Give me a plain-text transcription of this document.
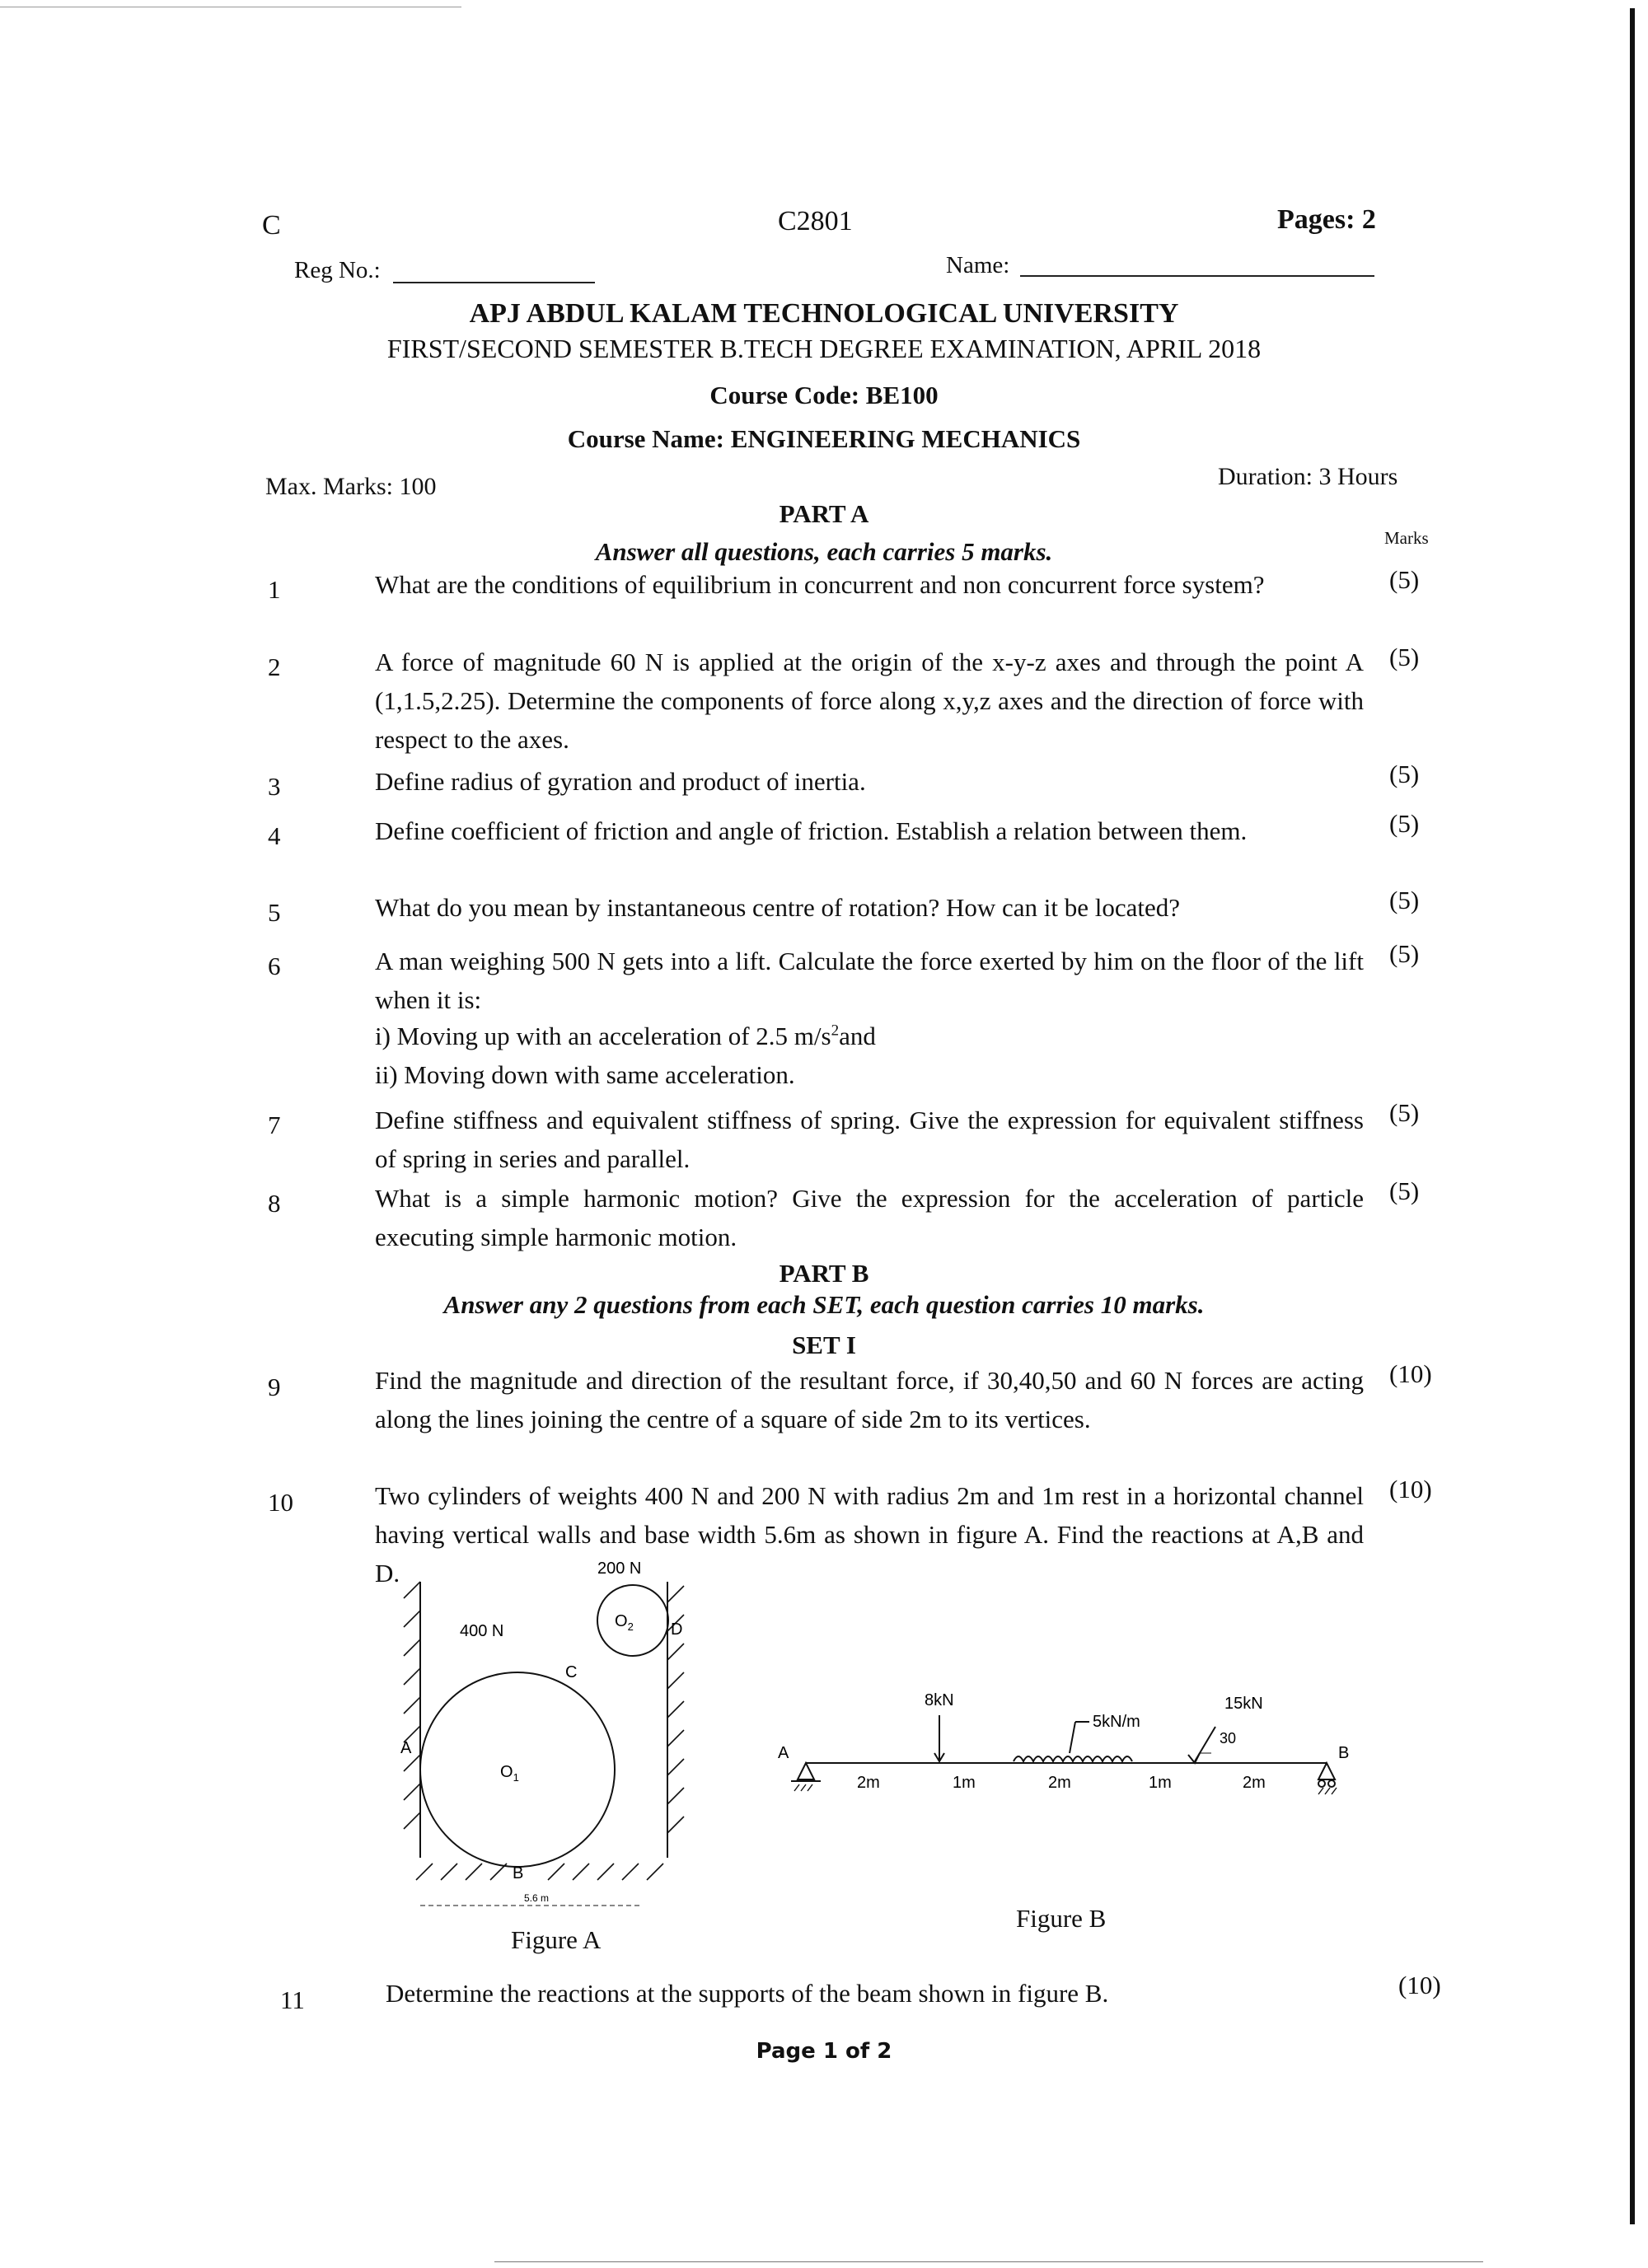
C	C2801	Pages: 2
Reg No.:	Name:
APJ ABDUL KALAM TECHNOLOGICAL UNIVERSITY
FIRST/SECOND SEMESTER B.TECH DEGREE EXAMINATION, APRIL 2018
Course Code: BE100
Course Name: ENGINEERING MECHANICS
Max. Marks: 100	Duration: 3 Hours
PART A
Answer all questions, each carries 5 marks.	Marks
1	What are the conditions of equilibrium in concurrent and non concurrent force system?	(5)
2	A force of magnitude 60 N is applied at the origin of the x-y-z axes and through the point A (1,1.5,2.25). Determine the components of force along x,y,z axes and the direction of force with respect to the axes.
(5)
3	Define radius of gyration and product of inertia.	(5)
4	Define coefficient of friction and angle of friction. Establish a relation between them.	(5)
5	What do you mean by instantaneous centre of rotation? How can it be located?	(5)
6	A man weighing 500 N gets into a lift. Calculate the force exerted by him on the floor of the lift when it is:
i) Moving up with an acceleration of 2.5 $m/s^2and$
ii) Moving down with same acceleration.
(5)
7	Define stiffness and equivalent stiffness of spring. Give the expression for equivalent stiffness of spring in series and parallel.
(5)
8	What is a simple harmonic motion? Give the expression for the acceleration of particle executing simple harmonic motion.
(5)
PART B
Answer any 2 questions from each SET, each question carries 10 marks.
SET I
9	Find the magnitude and direction of the resultant force, if 30,40,50 and 60 N forces are acting along the lines joining the centre of a square of side 2m to its vertices.
(10)
10	Two cylinders of weights 400 N and 200 N with radius 2m and 1m rest in a horizontal channel having vertical walls and base width 5.6m as shown in figure A. Find the reactions at A,B and D.
(10)
200 N
400 N
$O_2$
$O_1$
A
B
C
D
5.6 m
Figure A
A	B
8kN
5kN/m
15kN
30
2m	1m	2m	1m	2m
Figure B
11	Determine the reactions at the supports of the beam shown in figure B.	(10)
Page 1 of 2
